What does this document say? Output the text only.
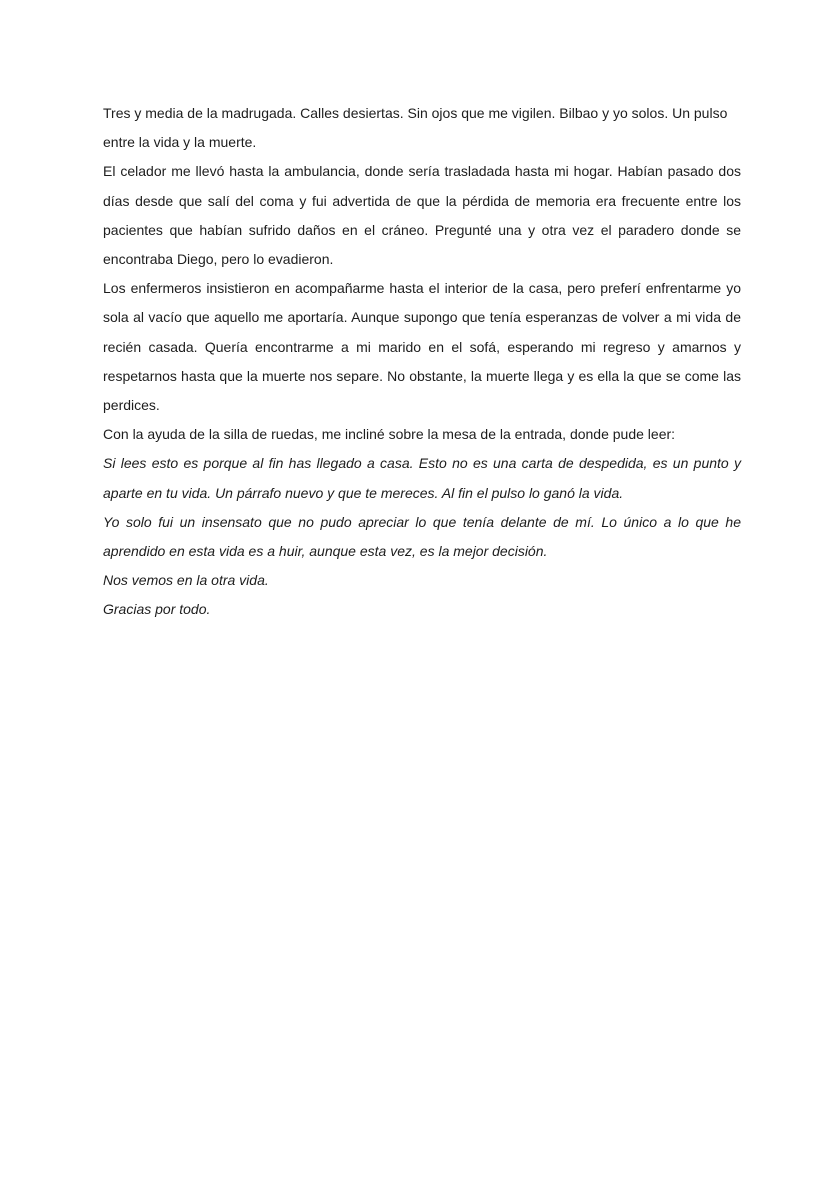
Tres y media de la madrugada. Calles desiertas. Sin ojos que me vigilen. Bilbao y yo solos. Un pulso entre la vida y la muerte.

El celador me llevó hasta la ambulancia, donde sería trasladada hasta mi hogar. Habían pasado dos días desde que salí del coma y fui advertida de que la pérdida de memoria era frecuente entre los pacientes que habían sufrido daños en el cráneo. Pregunté una y otra vez el paradero donde se encontraba Diego, pero lo evadieron.

Los enfermeros insistieron en acompañarme hasta el interior de la casa, pero preferí enfrentarme yo sola al vacío que aquello me aportaría. Aunque supongo que tenía esperanzas de volver a mi vida de recién casada. Quería encontrarme a mi marido en el sofá, esperando mi regreso y amarnos y respetarnos hasta que la muerte nos separe. No obstante, la muerte llega y es ella la que se come las perdices.

Con la ayuda de la silla de ruedas, me incliné sobre la mesa de la entrada, donde pude leer:

Si lees esto es porque al fin has llegado a casa. Esto no es una carta de despedida, es un punto y aparte en tu vida. Un párrafo nuevo y que te mereces. Al fin el pulso lo ganó la vida.

Yo solo fui un insensato que no pudo apreciar lo que tenía delante de mí. Lo único a lo que he aprendido en esta vida es a huir, aunque esta vez, es la mejor decisión.

Nos vemos en la otra vida.

Gracias por todo.
